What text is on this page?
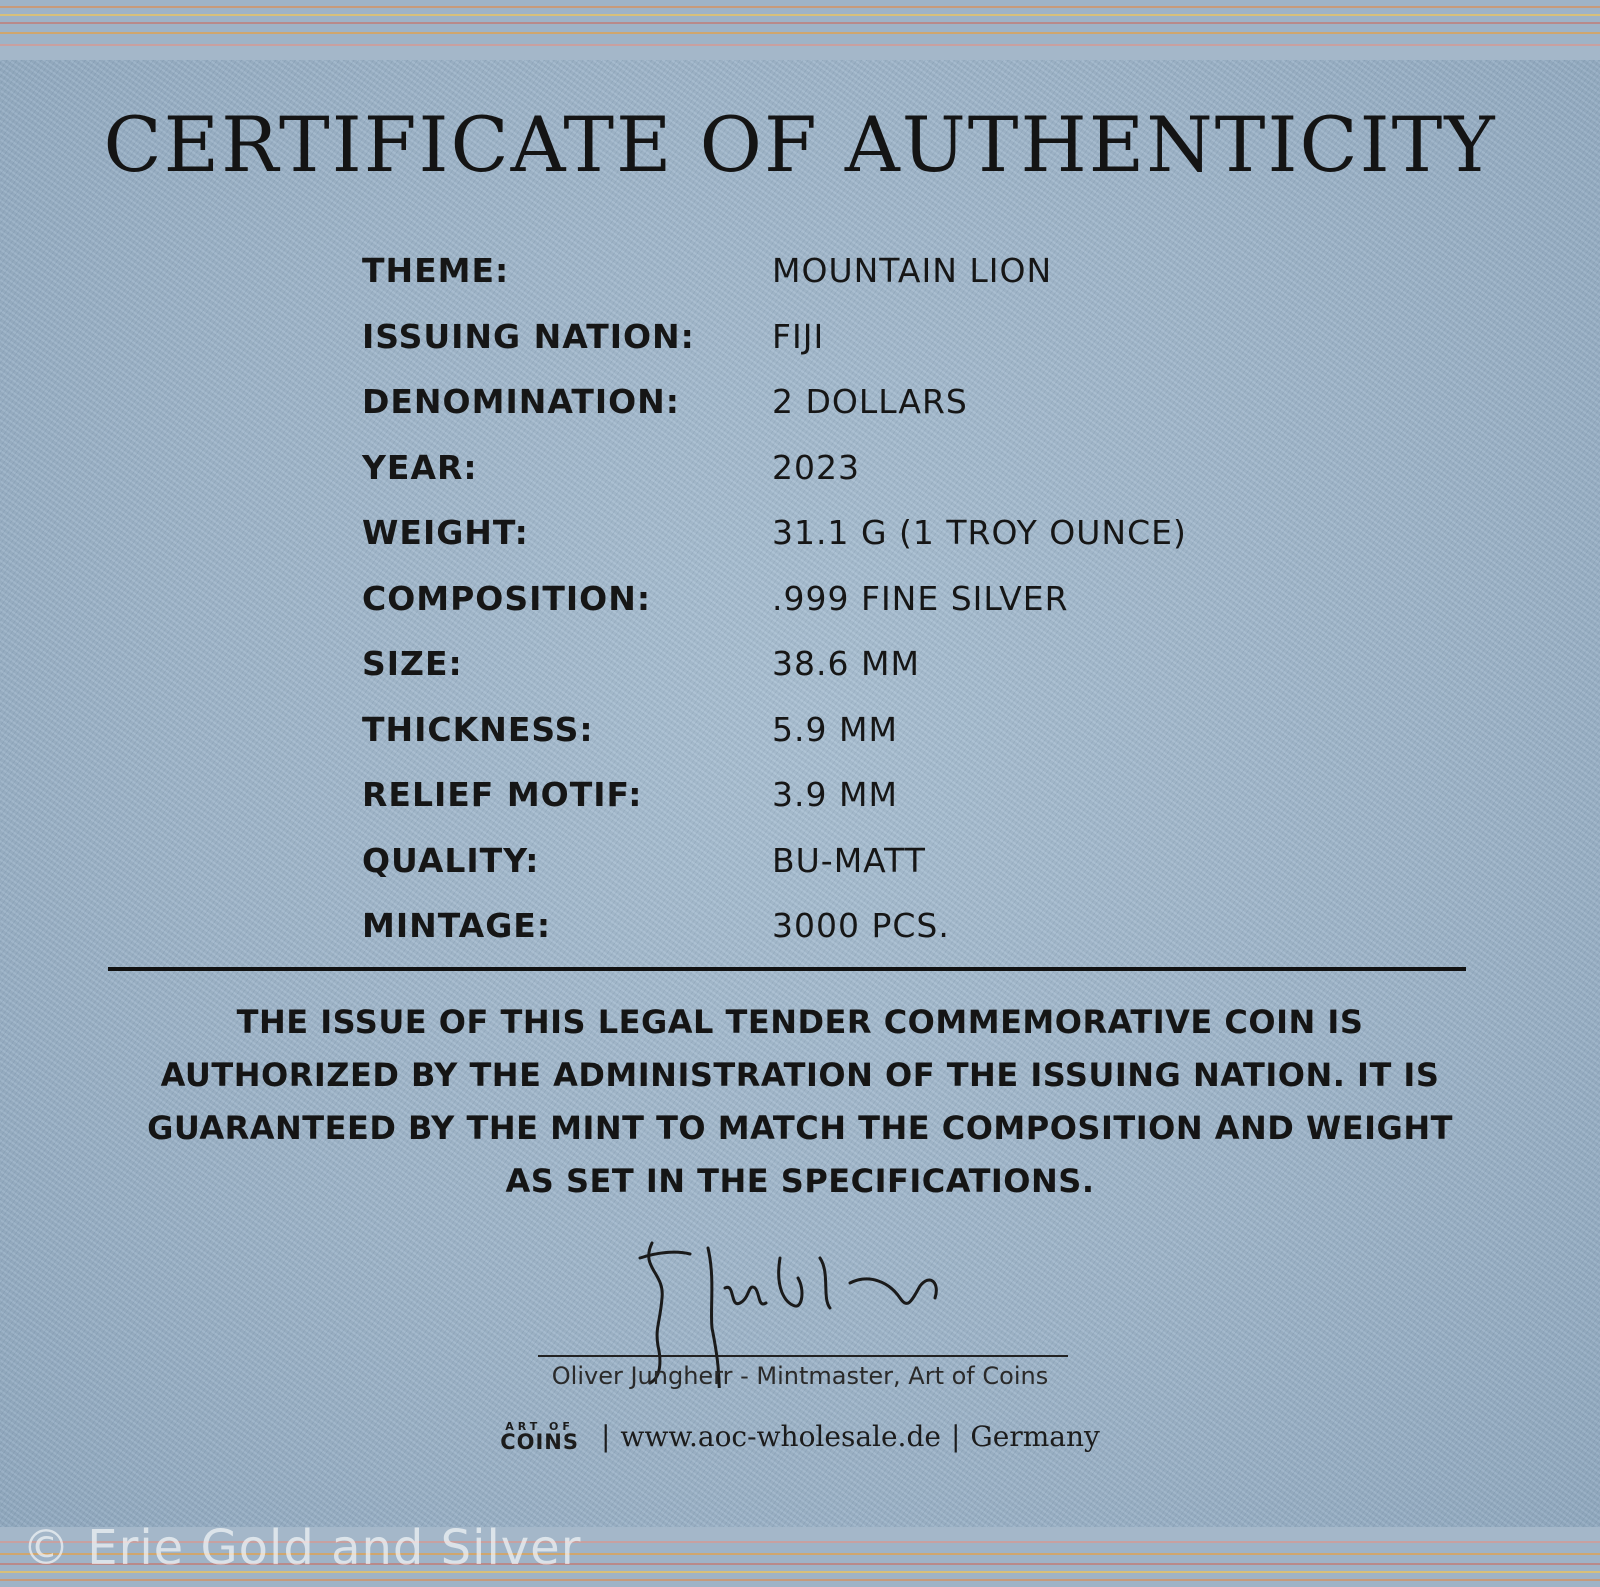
CERTIFICATE OF AUTHENTICITY
THEME:	MOUNTAIN LION
ISSUING NATION:	FIJI
DENOMINATION:	2 DOLLARS
YEAR:	2023
WEIGHT:	31.1 G (1 TROY OUNCE)
COMPOSITION:	.999 FINE SILVER
SIZE:	38.6 MM
THICKNESS:	5.9 MM
RELIEF MOTIF:	3.9 MM
QUALITY:	BU-MATT
MINTAGE:	3000 PCS.
THE ISSUE OF THIS LEGAL TENDER COMMEMORATIVE COIN IS
AUTHORIZED BY THE ADMINISTRATION OF THE ISSUING NATION. IT IS
GUARANTEED BY THE MINT TO MATCH THE COMPOSITION AND WEIGHT
AS SET IN THE SPECIFICATIONS.
Oliver Jungherr - Mintmaster, Art of Coins
ART OF
COINS | www.aoc-wholesale.de | Germany
© Erie Gold and Silver
